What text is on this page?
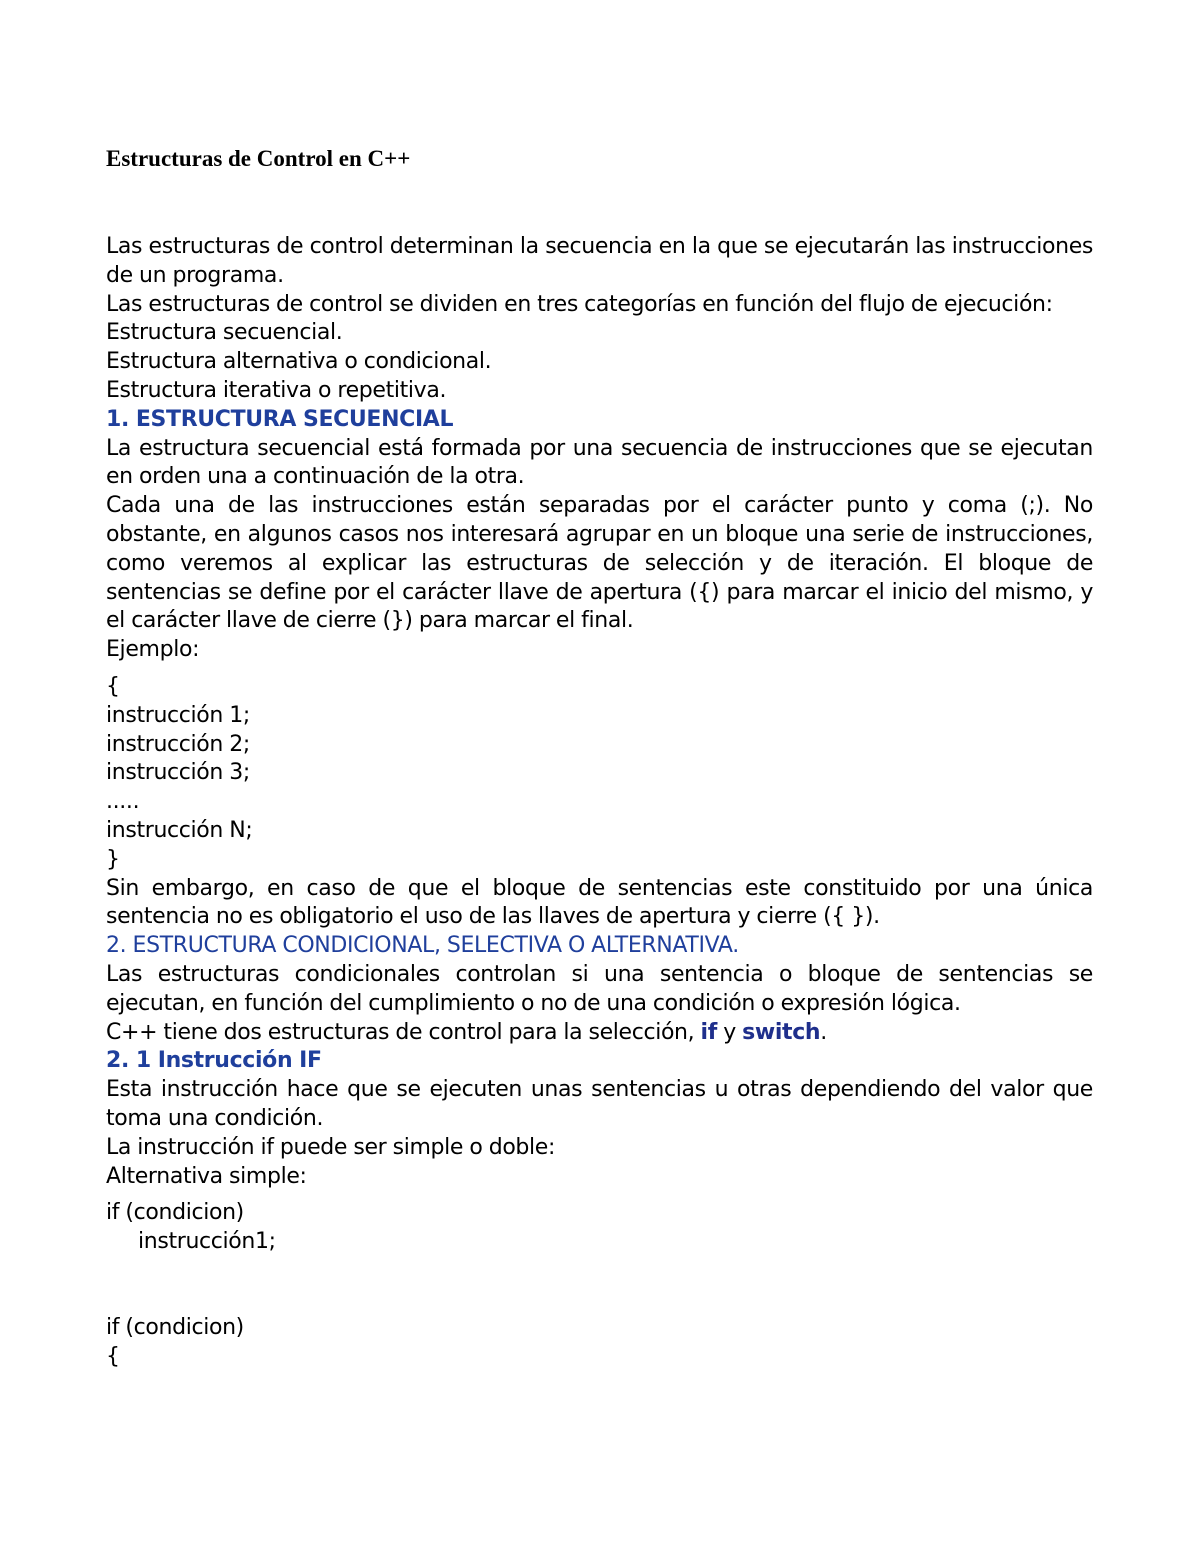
Estructuras de Control en C++

Las estructuras de control determinan la secuencia en la que se ejecutarán las instrucciones de un programa.

Las estructuras de control se dividen en tres categorías en función del flujo de ejecución:

Estructura secuencial.

Estructura alternativa o condicional.

Estructura iterativa o repetitiva.

1. ESTRUCTURA SECUENCIAL

La estructura secuencial está formada por una secuencia de instrucciones que se ejecutan en orden una a continuación de la otra.

Cada una de las instrucciones están separadas por el carácter punto y coma (;). No obstante, en algunos casos nos interesará agrupar en un bloque una serie de instrucciones, como veremos al explicar las estructuras de selección y de iteración. El bloque de sentencias se define por el carácter llave de apertura ({) para marcar el inicio del mismo, y el carácter llave de cierre (}) para marcar el final.

Ejemplo:

{

instrucción 1;

instrucción 2;

instrucción 3;

.....

instrucción N;

}

Sin embargo, en caso de que el bloque de sentencias este constituido por una única sentencia no es obligatorio el uso de las llaves de apertura y cierre ({ }).

2. ESTRUCTURA CONDICIONAL, SELECTIVA O ALTERNATIVA.

Las estructuras condicionales controlan si una sentencia o bloque de sentencias se ejecutan, en función del cumplimiento o no de una condición o expresión lógica.

C++ tiene dos estructuras de control para la selección, if y switch.

2. 1 Instrucción IF

Esta instrucción hace que se ejecuten unas sentencias u otras dependiendo del valor que toma una condición.

La instrucción if puede ser simple o doble:

Alternativa simple:

if (condicion)

instrucción1;

if (condicion)

{
